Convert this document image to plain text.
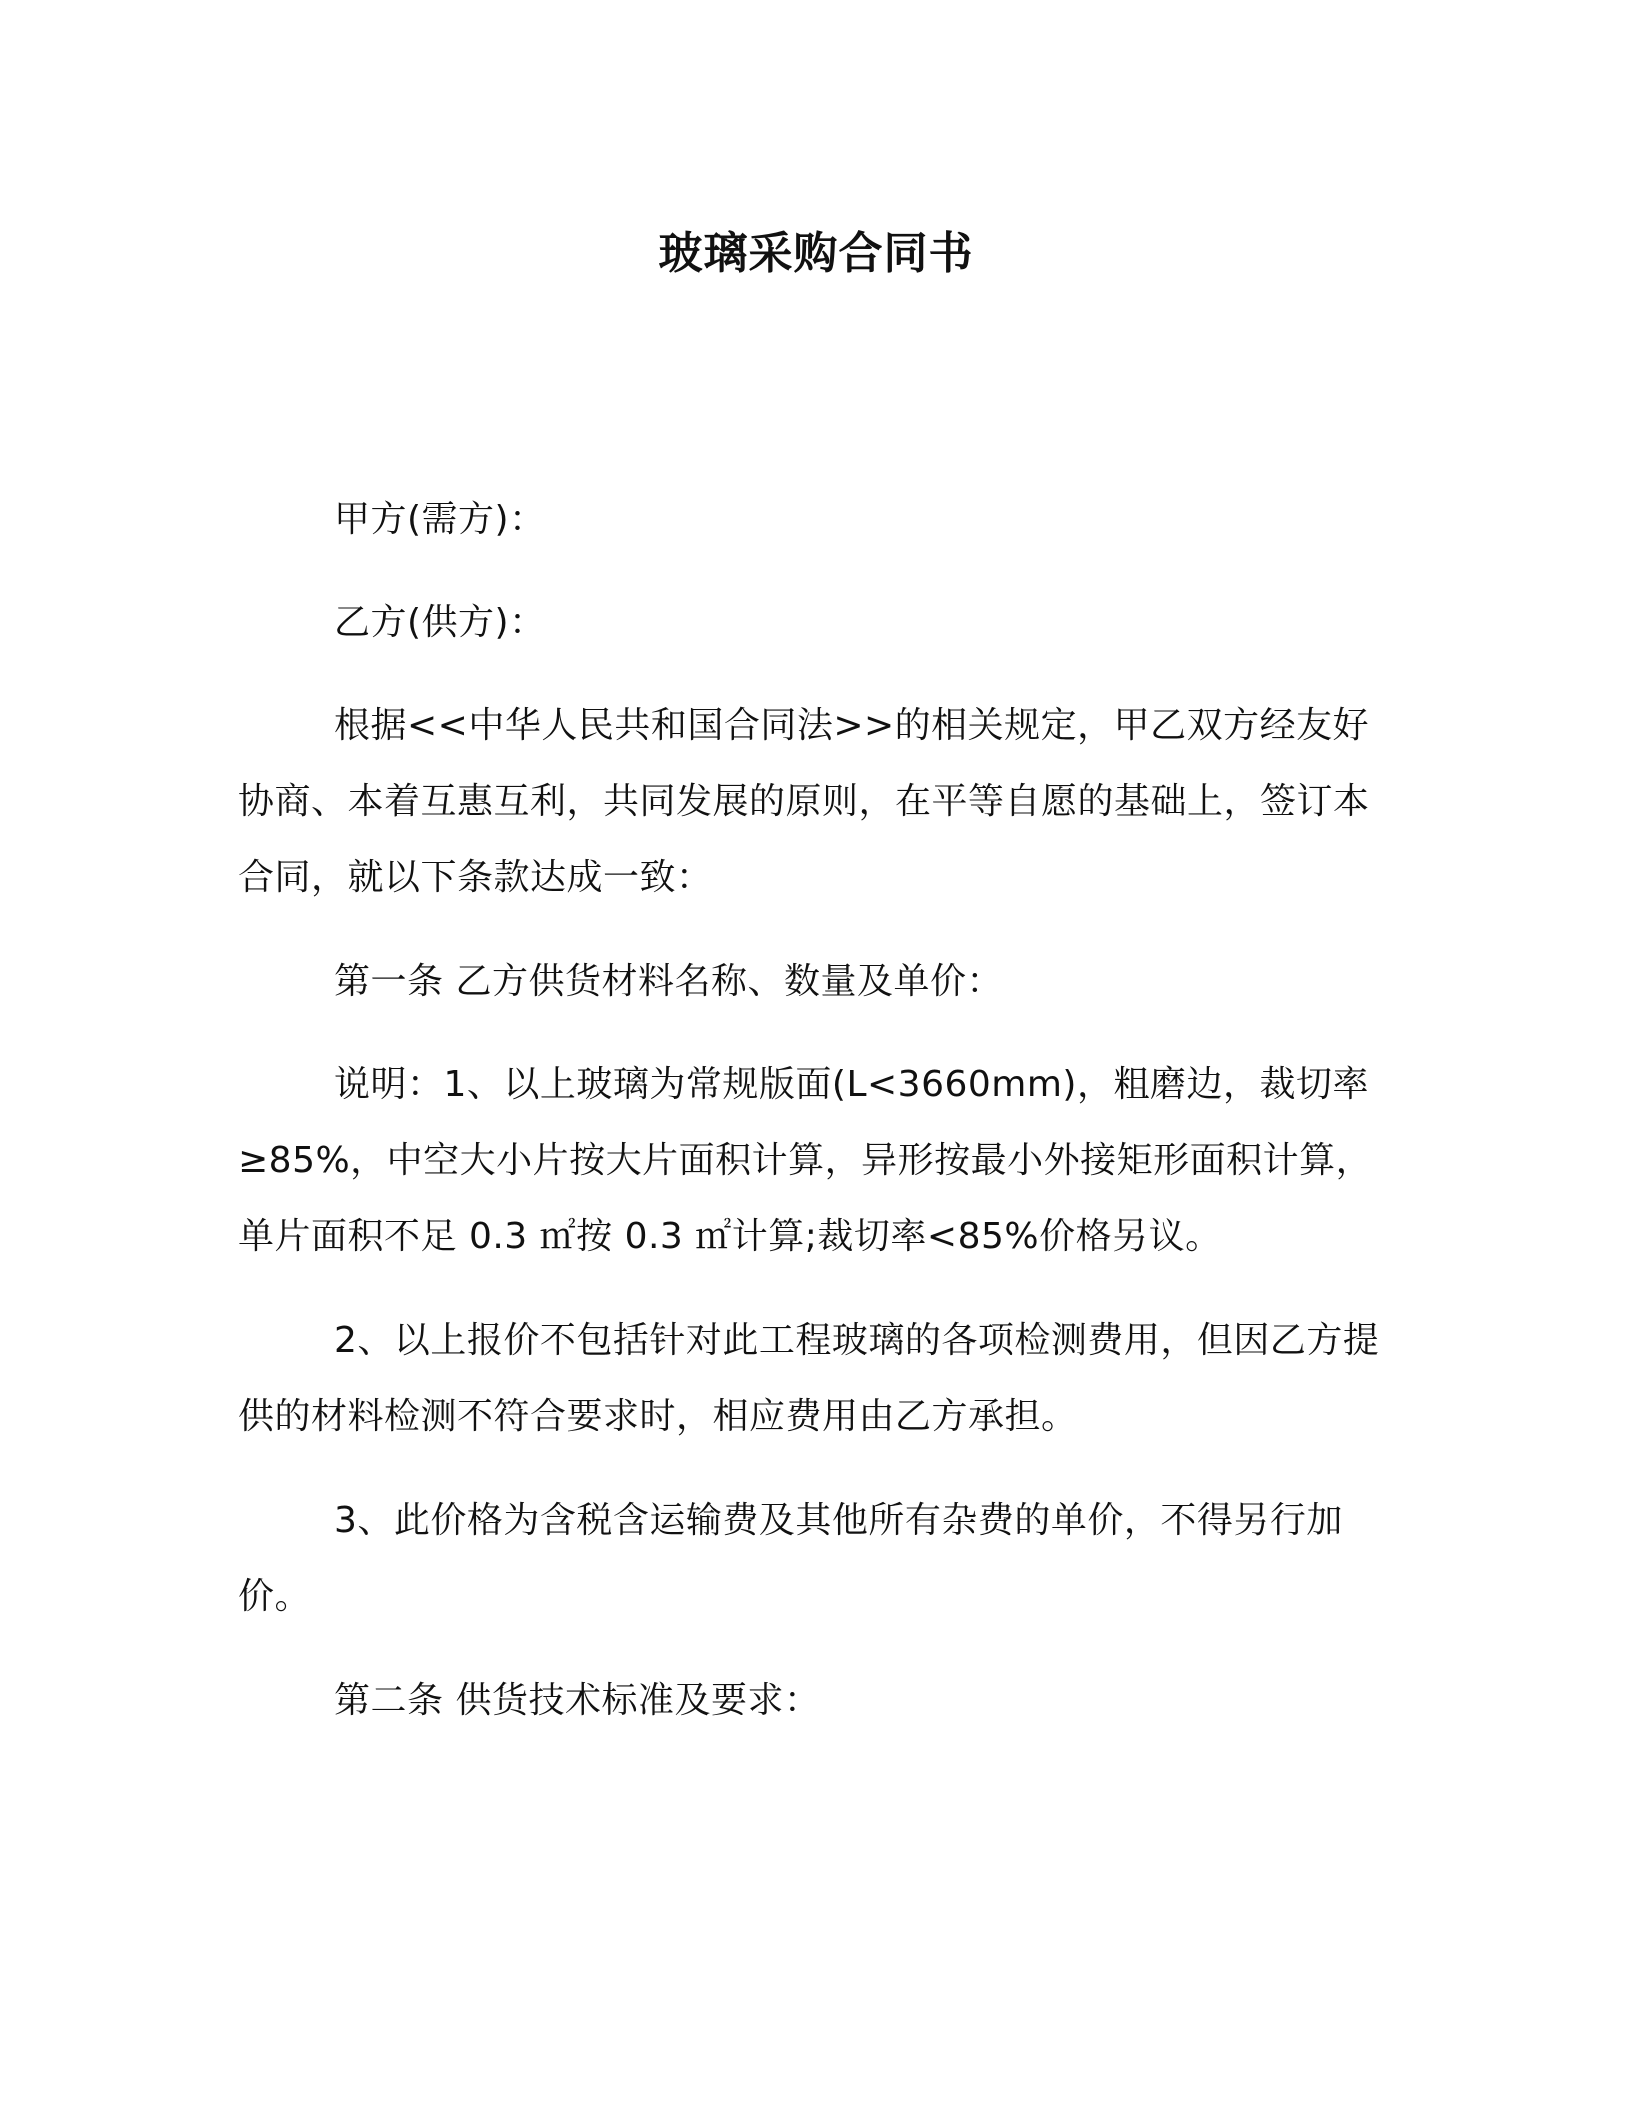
玻璃采购合同书

甲方(需方)：

乙方(供方)：

根据<<中华人民共和国合同法>>的相关规定，甲乙双方经友好协商、本着互惠互利，共同发展的原则，在平等自愿的基础上，签订本合同，就以下条款达成一致：

第一条 乙方供货材料名称、数量及单价：

说明：1、以上玻璃为常规版面(L<3660mm)，粗磨边，裁切率≥85%，中空大小片按大片面积计算，异形按最小外接矩形面积计算，单片面积不足 0.3 ㎡按 0.3 ㎡计算;裁切率<85%价格另议。

2、以上报价不包括针对此工程玻璃的各项检测费用，但因乙方提供的材料检测不符合要求时，相应费用由乙方承担。

3、此价格为含税含运输费及其他所有杂费的单价，不得另行加价。

第二条 供货技术标准及要求：
